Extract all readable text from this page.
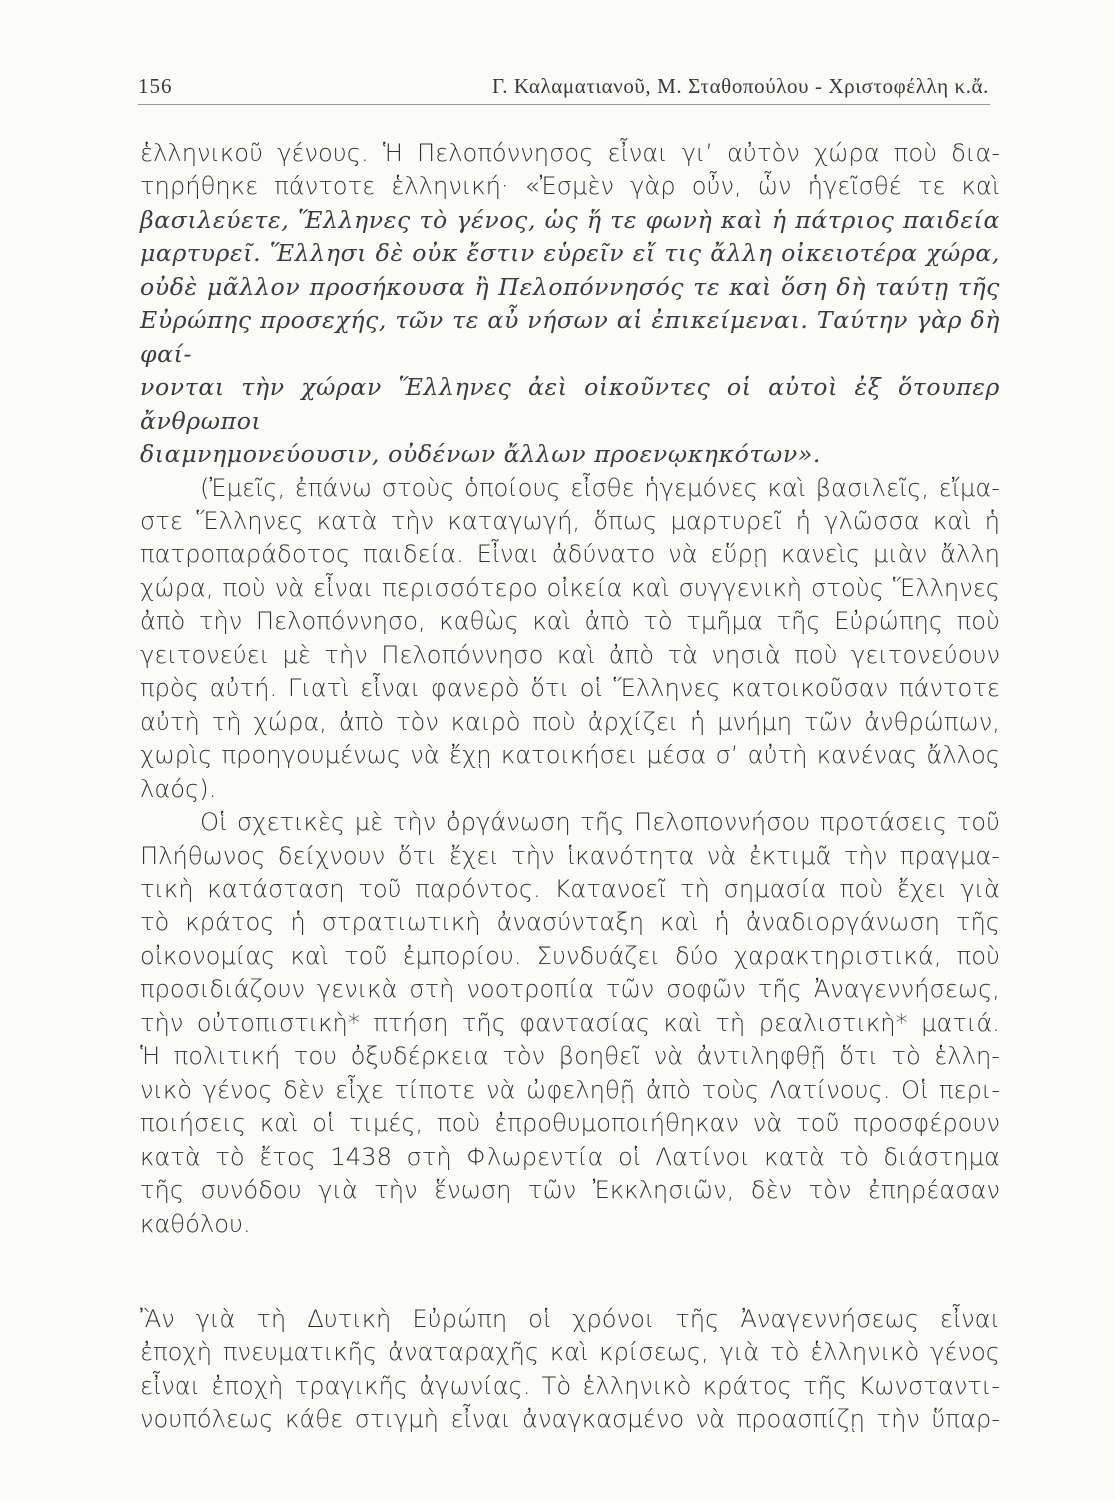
156	Γ. Καλαματιανοῦ, Μ. Σταθοπούλου - Χριστοφέλλη κ.ἄ.
ἑλληνικοῦ γένους. Ἡ Πελοπόννησος εἶναι γι’ αὐτὸν χώρα ποὺ δια-
τηρήθηκε πάντοτε ἑλληνική· «Ἐσμὲν γὰρ οὖν, ὧν ἡγεῖσθέ τε καὶ
βασιλεύετε, Ἕλληνες τὸ γένος, ὡς ἥ τε φωνὴ καὶ ἡ πάτριος παιδεία
μαρτυρεῖ. Ἕλλησι δὲ οὐκ ἔστιν εὑρεῖν εἴ τις ἄλλη οἰκειοτέρα χώρα,
οὐδὲ μᾶλλον προσήκουσα ἢ Πελοπόννησός τε καὶ ὅση δὴ ταύτῃ τῆς
Εὐρώπης προσεχής, τῶν τε αὖ νήσων αἱ ἐπικείμεναι. Ταύτην γὰρ δὴ φαί-
νονται τὴν χώραν Ἕλληνες ἀεὶ οἰκοῦντες οἱ αὐτοὶ ἐξ ὅτουπερ ἄνθρωποι
διαμνημονεύουσιν, οὐδένων ἄλλων προενῳκηκότων».
(Ἐμεῖς, ἐπάνω στοὺς ὁποίους εἶσθε ἡγεμόνες καὶ βασιλεῖς, εἴμα-
στε Ἕλληνες κατὰ τὴν καταγωγή, ὅπως μαρτυρεῖ ἡ γλῶσσα καὶ ἡ
πατροπαράδοτος παιδεία. Εἶναι ἀδύνατο νὰ εὕρῃ κανεὶς μιὰν ἄλλη
χώρα, ποὺ νὰ εἶναι περισσότερο οἰκεία καὶ συγγενικὴ στοὺς Ἕλληνες
ἀπὸ τὴν Πελοπόννησο, καθὼς καὶ ἀπὸ τὸ τμῆμα τῆς Εὐρώπης ποὺ
γειτονεύει μὲ τὴν Πελοπόννησο καὶ ἀπὸ τὰ νησιὰ ποὺ γειτονεύουν
πρὸς αὐτή. Γιατὶ εἶναι φανερὸ ὅτι οἱ Ἕλληνες κατοικοῦσαν πάντοτε
αὐτὴ τὴ χώρα, ἀπὸ τὸν καιρὸ ποὺ ἀρχίζει ἡ μνήμη τῶν ἀνθρώπων,
χωρὶς προηγουμένως νὰ ἔχῃ κατοικήσει μέσα σ’ αὐτὴ κανένας ἄλλος
λαός).
Οἱ σχετικὲς μὲ τὴν ὀργάνωση τῆς Πελοποννήσου προτάσεις τοῦ
Πλήθωνος δείχνουν ὅτι ἔχει τὴν ἱκανότητα νὰ ἐκτιμᾶ τὴν πραγμα-
τικὴ κατάσταση τοῦ παρόντος. Κατανοεῖ τὴ σημασία ποὺ ἔχει γιὰ
τὸ κράτος ἡ στρατιωτικὴ ἀνασύνταξη καὶ ἡ ἀναδιοργάνωση τῆς
οἰκονομίας καὶ τοῦ ἐμπορίου. Συνδυάζει δύο χαρακτηριστικά, ποὺ
προσιδιάζουν γενικὰ στὴ νοοτροπία τῶν σοφῶν τῆς Ἀναγεννήσεως,
τὴν οὐτοπιστικὴ* πτήση τῆς φαντασίας καὶ τὴ ρεαλιστικὴ* ματιά.
Ἡ πολιτική του ὀξυδέρκεια τὸν βοηθεῖ νὰ ἀντιληφθῇ ὅτι τὸ ἑλλη-
νικὸ γένος δὲν εἶχε τίποτε νὰ ὠφεληθῇ ἀπὸ τοὺς Λατίνους. Οἱ περι-
ποιήσεις καὶ οἱ τιμές, ποὺ ἐπροθυμοποιήθηκαν νὰ τοῦ προσφέρουν
κατὰ τὸ ἔτος 1438 στὴ Φλωρεντία οἱ Λατίνοι κατὰ τὸ διάστημα
τῆς συνόδου γιὰ τὴν ἕνωση τῶν Ἐκκλησιῶν, δὲν τὸν ἐπηρέασαν
καθόλου.
Ἂν γιὰ τὴ Δυτικὴ Εὐρώπη οἱ χρόνοι τῆς Ἀναγεννήσεως εἶναι
ἐποχὴ πνευματικῆς ἀναταραχῆς καὶ κρίσεως, γιὰ τὸ ἑλληνικὸ γένος
εἶναι ἐποχὴ τραγικῆς ἀγωνίας. Τὸ ἑλληνικὸ κράτος τῆς Κωνσταντι-
νουπόλεως κάθε στιγμὴ εἶναι ἀναγκασμένο νὰ προασπίζῃ τὴν ὕπαρ-
